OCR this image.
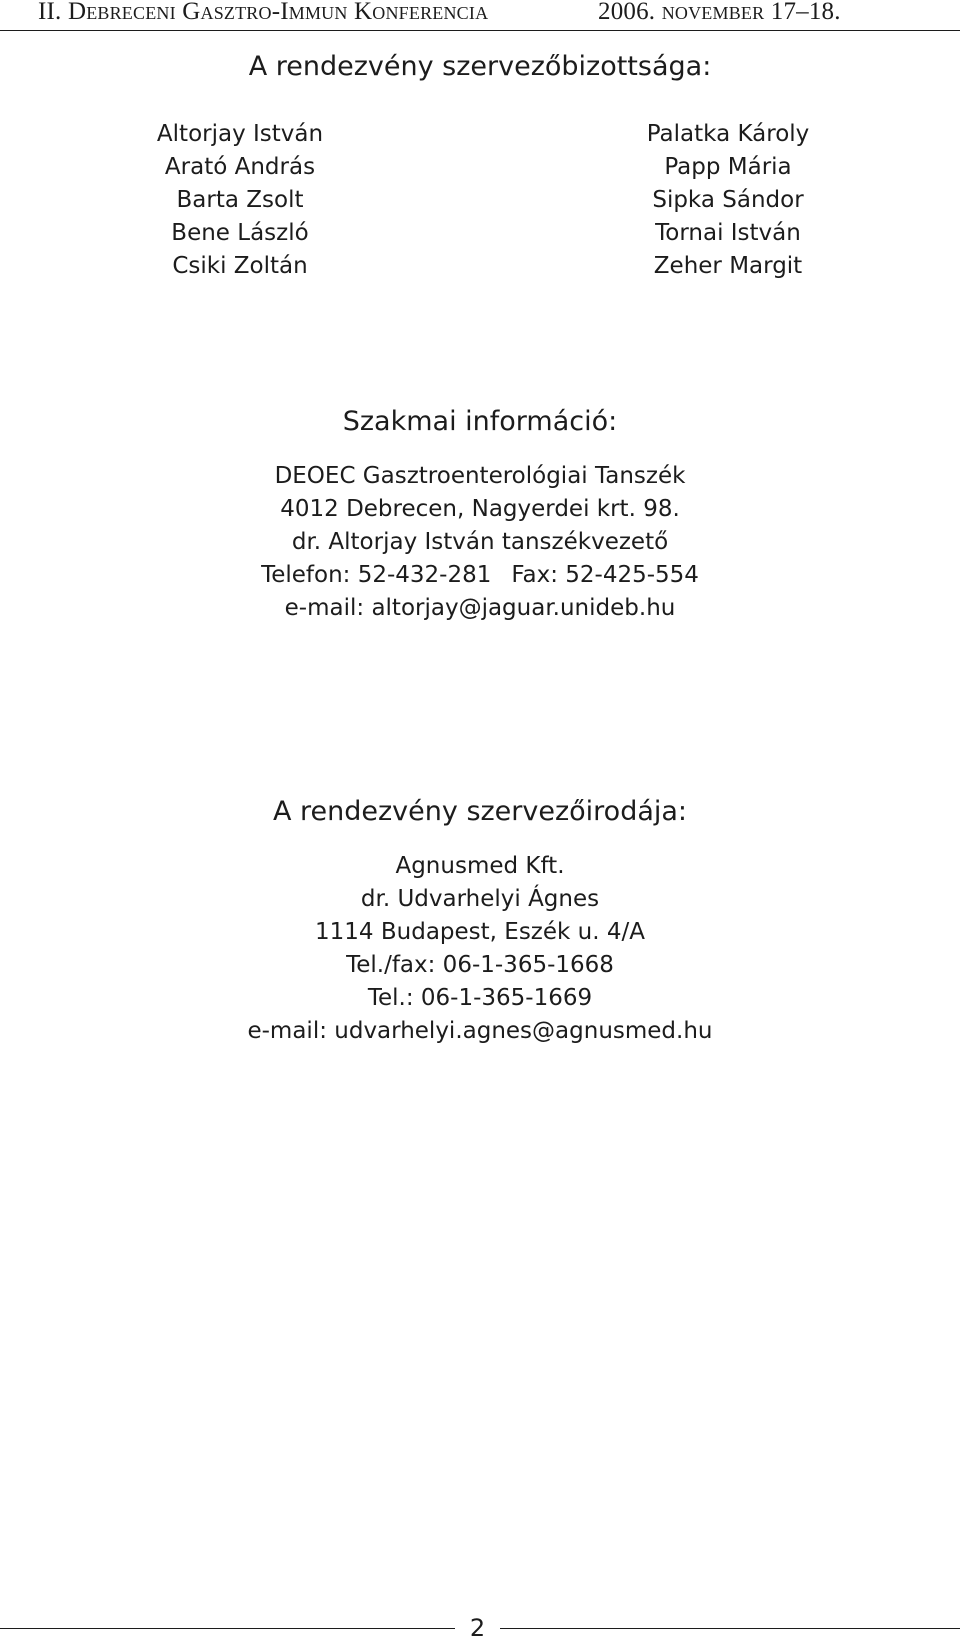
II. Debreceni Gasztro-Immun Konferencia	2006. november 17–18.
A rendezvény szervezőbizottsága:
Altorjay István
Arató András
Barta Zsolt
Bene László
Csiki Zoltán
Palatka Károly
Papp Mária
Sipka Sándor
Tornai István
Zeher Margit
Szakmai információ:
DEOEC Gasztroenterológiai Tanszék
4012 Debrecen, Nagyerdei krt. 98.
dr. Altorjay István tanszékvezető
Telefon: 52-432-281 Fax: 52-425-554
e-mail: altorjay@jaguar.unideb.hu
A rendezvény szervezőirodája:
Agnusmed Kft.
dr. Udvarhelyi Ágnes
1114 Budapest, Eszék u. 4/A
Tel./fax: 06-1-365-1668
Tel.: 06-1-365-1669
e-mail: udvarhelyi.agnes@agnusmed.hu
2
